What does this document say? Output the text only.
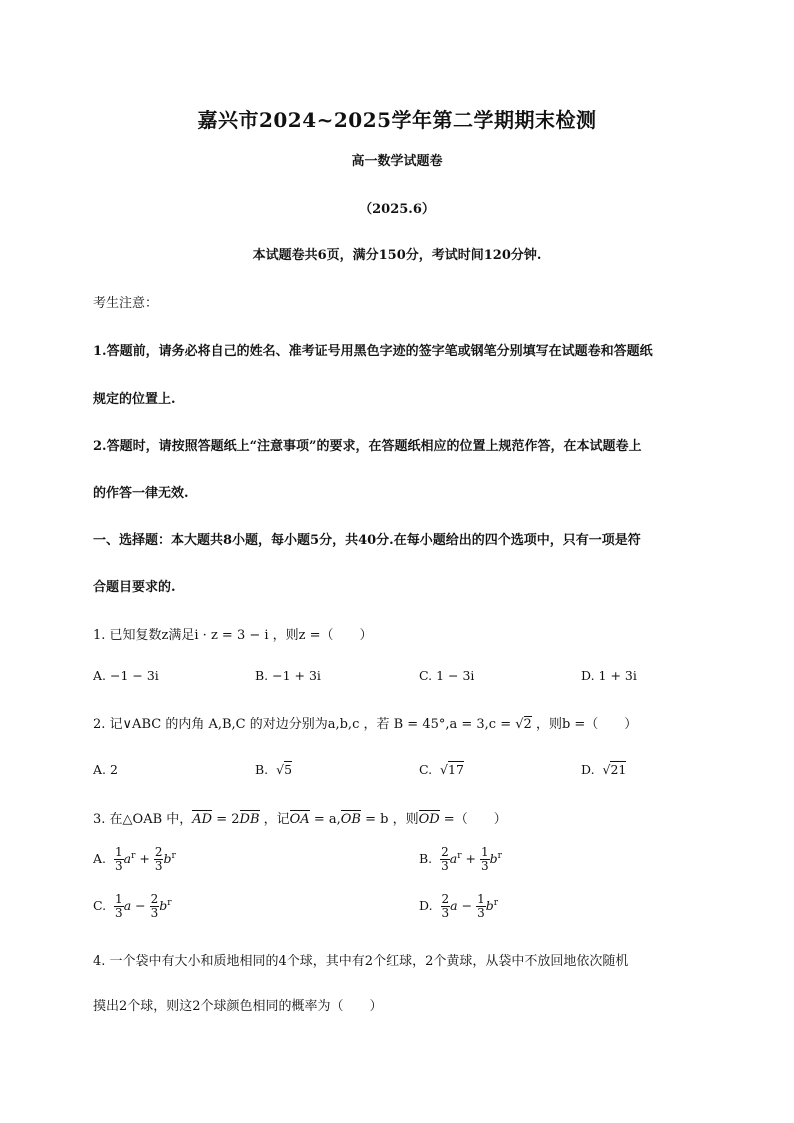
嘉兴市2024~2025学年第二学期期末检测
高一数学试题卷
（2025.6）
本试题卷共6页，满分150分，考试时间120分钟.
考生注意：
1.答题前，请务必将自己的姓名、准考证号用黑色字迹的签字笔或钢笔分别填写在试题卷和答题纸
规定的位置上.
2.答题时，请按照答题纸上“注意事项”的要求，在答题纸相应的位置上规范作答，在本试题卷上
的作答一律无效.
一、选择题：本大题共8小题，每小题5分，共40分.在每小题给出的四个选项中，只有一项是符
合题目要求的.
1. 已知复数z满足i · z = 3 − i ，则z =（　　）
A. −1 − 3i	B. −1 + 3i	C. 1 − 3i	D. 1 + 3i
2. 记∨ABC 的内角 A,B,C 的对边分别为a,b,c ，若 B = 45°,a = 3,c = √2 ，则b =（　　）
A. 2	B. √5	C. √17	D. √21
3. 在△OAB 中，AD = 2DB ，记OA = a,OB = b ，则OD =（　　）
A. $\frac{1}{3} a^r + \frac{2}{3} b^r$	B. $\frac{2}{3} a^r + \frac{1}{3} b^r$
C. $\frac{1}{3}$ $a - \frac{2}{3} b^r$	D. $\frac{2}{3}$ $a - \frac{1}{3} b^r$
4. 一个袋中有大小和质地相同的4个球，其中有2个红球，2个黄球，从袋中不放回地依次随机
摸出2个球，则这2个球颜色相同的概率为（　　）
